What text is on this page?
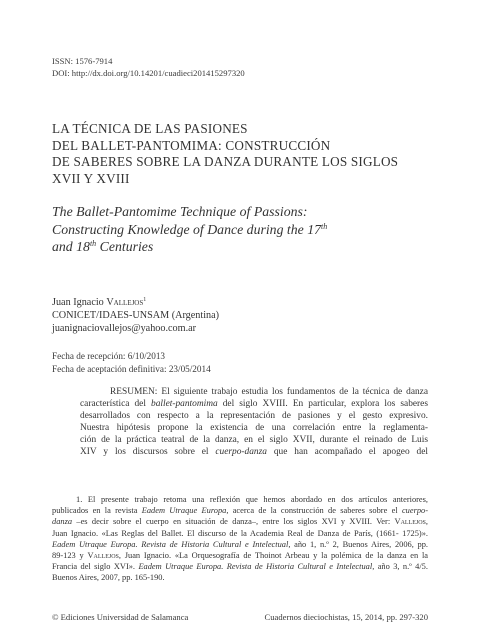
ISSN: 1576-7914
DOI: http://dx.doi.org/10.14201/cuadieci201415297320
LA TÉCNICA DE LAS PASIONES
DEL BALLET-PANTOMIMA: CONSTRUCCIÓN
DE SABERES SOBRE LA DANZA DURANTE LOS SIGLOS
XVII Y XVIII
The Ballet-Pantomime Technique of Passions:
Constructing Knowledge of Dance during the 17th
and 18th Centuries
Juan Ignacio Vallejos$^1$
CONICET/IDAES-UNSAM (Argentina)
juanignaciovallejos@yahoo.com.ar
Fecha de recepción: 6/10/2013
Fecha de aceptación definitiva: 23/05/2014
RESUMEN: El siguiente trabajo estudia los fundamentos de la técnica de danza
característica del ballet-pantomima del siglo XVIII. En particular, explora los saberes
desarrollados con respecto a la representación de pasiones y el gesto expresivo.
Nuestra hipótesis propone la existencia de una correlación entre la reglamenta-
ción de la práctica teatral de la danza, en el siglo XVII, durante el reinado de Luis
XIV y los discursos sobre el cuerpo-danza que han acompañado el apogeo del
1. El presente trabajo retoma una reflexión que hemos abordado en dos artículos anteriores,
publicados en la revista Eadem Utraque Europa, acerca de la construcción de saberes sobre el cuerpo-
danza –es decir sobre el cuerpo en situación de danza–, entre los siglos XVI y XVIII. Ver: Vallejos,
Juan Ignacio. «Las Reglas del Ballet. El discurso de la Academia Real de Danza de París, (1661- 1725)».
Eadem Utraque Europa. Revista de Historia Cultural e Intelectual, año 1, n.º 2, Buenos Aires, 2006, pp.
89-123 y Vallejos, Juan Ignacio. «La Orquesografía de Thoinot Arbeau y la polémica de la danza en la
Francia del siglo XVI». Eadem Utraque Europa. Revista de Historia Cultural e Intelectual, año 3, n.º 4/5.
Buenos Aires, 2007, pp. 165-190.
© Ediciones Universidad de Salamanca	Cuadernos dieciochistas, 15, 2014, pp. 297-320
